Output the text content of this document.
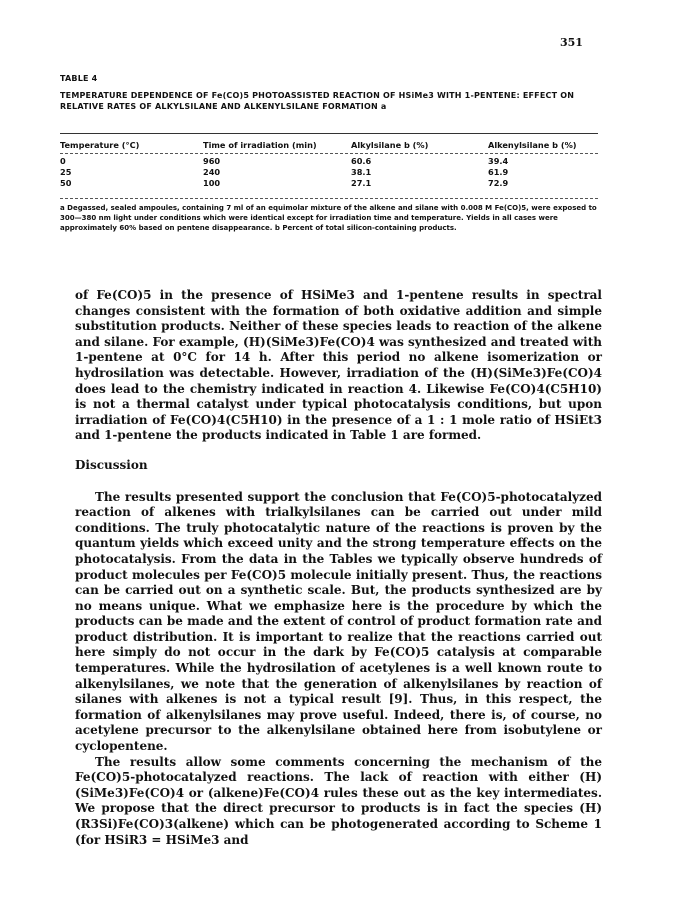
351
TABLE 4
TEMPERATURE DEPENDENCE OF Fe(CO)5 PHOTOASSISTED REACTION OF HSiMe3 WITH 1-PENTENE: EFFECT ON RELATIVE RATES OF ALKYLSILANE AND ALKENYLSILANE FORMATION a
Temperature (°C)	Time of irradiation (min)	Alkylsilane b (%)	Alkenylsilane b (%)
0	960	60.6	39.4
25	240	38.1	61.9
50	100	27.1	72.9
a Degassed, sealed ampoules, containing 7 ml of an equimolar mixture of the alkene and silane with 0.008 M Fe(CO)5, were exposed to 300—380 nm light under conditions which were identical except for irradiation time and temperature. Yields in all cases were approximately 60% based on pentene disappearance. b Percent of total silicon-containing products.

of Fe(CO)5 in the presence of HSiMe3 and 1-pentene results in spectral changes consistent with the formation of both oxidative addition and simple substitution products. Neither of these species leads to reaction of the alkene and silane. For example, (H)(SiMe3)Fe(CO)4 was synthesized and treated with 1-pentene at 0°C for 14 h. After this period no alkene isomerization or hydrosilation was detectable. However, irradiation of the (H)(SiMe3)Fe(CO)4 does lead to the chemistry indicated in reaction 4. Likewise Fe(CO)4(C5H10) is not a thermal catalyst under typical photocatalysis conditions, but upon irradiation of Fe(CO)4(C5H10) in the presence of a 1 : 1 mole ratio of HSiEt3 and 1-pentene the products indicated in Table 1 are formed.

Discussion

The results presented support the conclusion that Fe(CO)5-photocatalyzed reaction of alkenes with trialkylsilanes can be carried out under mild conditions. The truly photocatalytic nature of the reactions is proven by the quantum yields which exceed unity and the strong temperature effects on the photocatalysis. From the data in the Tables we typically observe hundreds of product molecules per Fe(CO)5 molecule initially present. Thus, the reactions can be carried out on a synthetic scale. But, the products synthesized are by no means unique. What we emphasize here is the procedure by which the products can be made and the extent of control of product formation rate and product distribution. It is important to realize that the reactions carried out here simply do not occur in the dark by Fe(CO)5 catalysis at comparable temperatures. While the hydrosilation of acetylenes is a well known route to alkenylsilanes, we note that the generation of alkenylsilanes by reaction of silanes with alkenes is not a typical result [9]. Thus, in this respect, the formation of alkenylsilanes may prove useful. Indeed, there is, of course, no acetylene precursor to the alkenylsilane obtained here from isobutylene or cyclopentene.

The results allow some comments concerning the mechanism of the Fe(CO)5-photocatalyzed reactions. The lack of reaction with either (H)(SiMe3)Fe(CO)4 or (alkene)Fe(CO)4 rules these out as the key intermediates. We propose that the direct precursor to products is in fact the species (H)(R3Si)Fe(CO)3(alkene) which can be photogenerated according to Scheme 1 (for HSiR3 = HSiMe3 and
